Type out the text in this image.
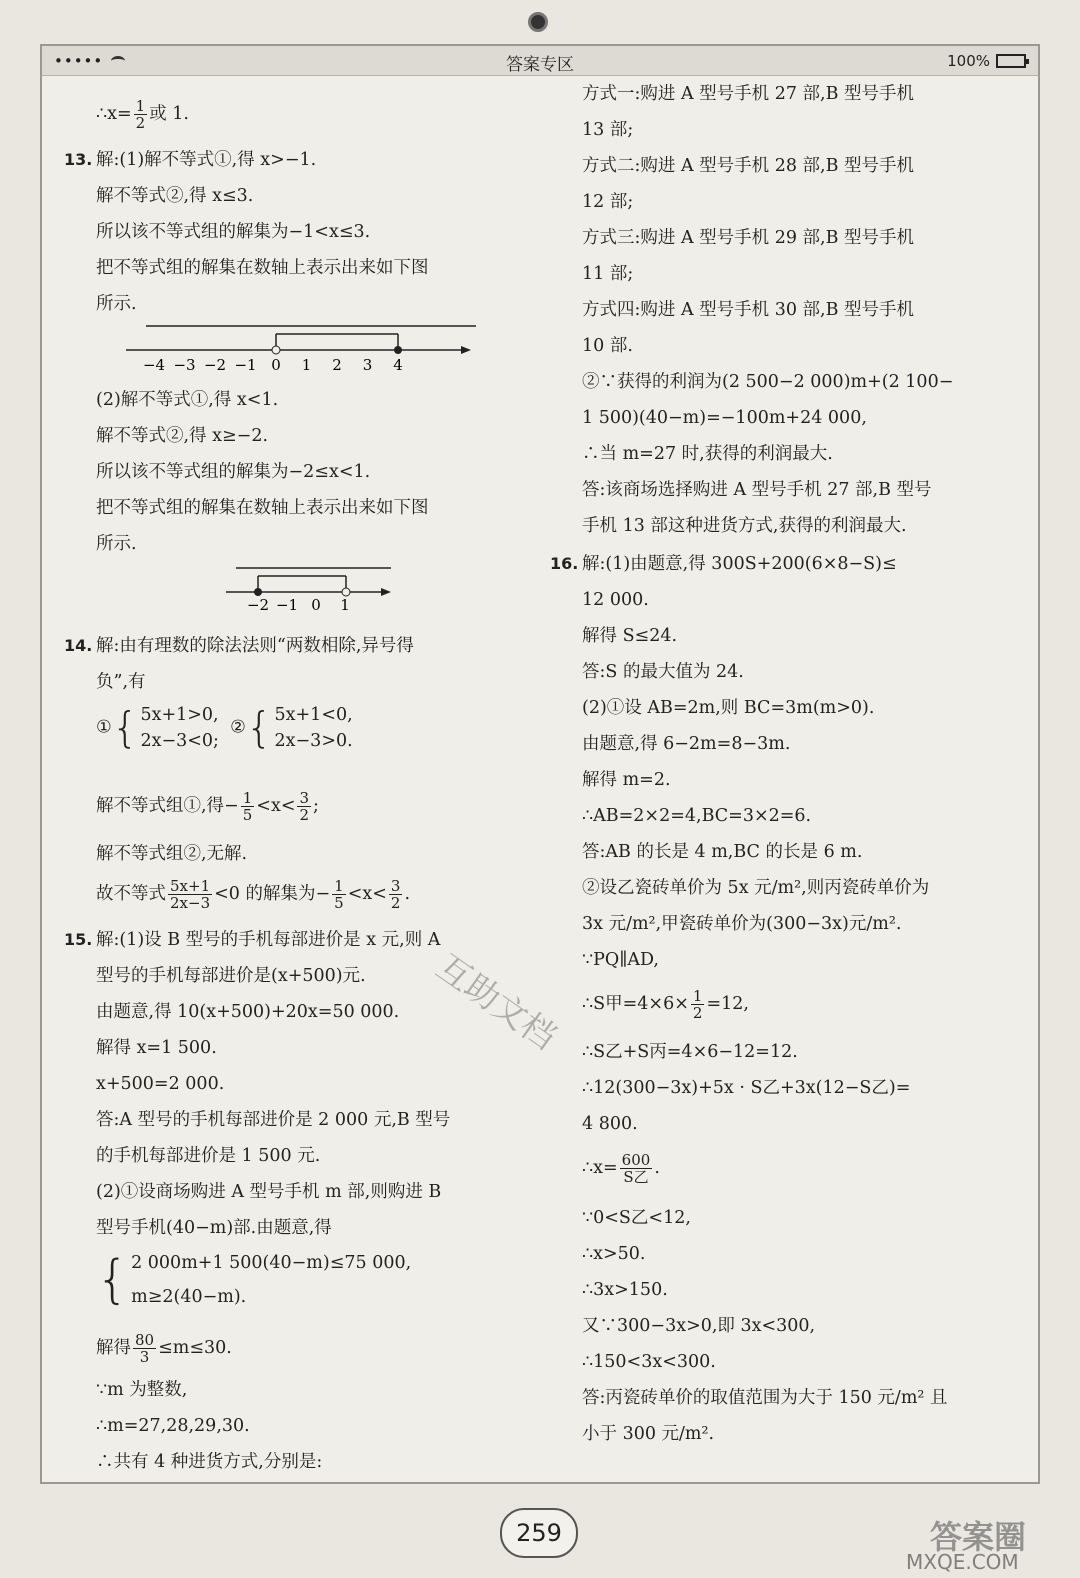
•••••	答案专区	100%
∴x= $\frac{1}{2}$ 或 1.
13. 解:(1)解不等式①,得 x>−1.
解不等式②,得 x≤3.
所以该不等式组的解集为−1<x≤3.
把不等式组的解集在数轴上表示出来如下图
所示.
−4 −3 −2 −1 0 1 2 3 4
(2)解不等式①,得 x<1.
解不等式②,得 x≥−2.
所以该不等式组的解集为−2≤x<1.
把不等式组的解集在数轴上表示出来如下图
所示.
−2 −1 0 1
14. 解:由有理数的除法法则“两数相除,异号得
负”,有
① { 5x+1>0,
2x−3<0;
② { 5x+1<0,
2x−3>0.
解不等式组①,得− $\frac{1}{5} <x< \frac{3}{2}$ ;
解不等式组②,无解.
故不等式 $\frac{5x+1}{2x-3} <0$ 的解集为− $\frac{1}{5} <x< \frac{3}{2}$ .
15. 解:(1)设 B 型号的手机每部进价是 x 元,则 A
型号的手机每部进价是(x+500)元.
由题意,得 10(x+500)+20x=50 000.
解得 x=1 500.
x+500=2 000.
答:A 型号的手机每部进价是 2 000 元,B 型号
的手机每部进价是 1 500 元.
(2)①设商场购进 A 型号手机 m 部,则购进 B
型号手机(40−m)部.由题意,得
{ 2 000m+1 500(40−m)≤75 000,
m≥2(40−m).
解得 $\frac{80}{3} \le m\le 30$.
∵m 为整数,
∴m=27,28,29,30.
∴共有 4 种进货方式,分别是:
方式一:购进 A 型号手机 27 部,B 型号手机
13 部;
方式二:购进 A 型号手机 28 部,B 型号手机
12 部;
方式三:购进 A 型号手机 29 部,B 型号手机
11 部;
方式四:购进 A 型号手机 30 部,B 型号手机
10 部.
②∵获得的利润为(2 500−2 000)m+(2 100−
1 500)(40−m)=−100m+24 000,
∴当 m=27 时,获得的利润最大.
答:该商场选择购进 A 型号手机 27 部,B 型号
手机 13 部这种进货方式,获得的利润最大.
16. 解:(1)由题意,得 300S+200(6×8−S)≤
12 000.
解得 S≤24.
答:S 的最大值为 24.
(2)①设 AB=2m,则 BC=3m(m>0).
由题意,得 6−2m=8−3m.
解得 m=2.
∴AB=2×2=4,BC=3×2=6.
答:AB 的长是 4 m,BC 的长是 6 m.
②设乙瓷砖单价为 5x 元/m²,则丙瓷砖单价为
3x 元/m²,甲瓷砖单价为(300−3x)元/m².
∵PQ∥AD,
∴S甲$=4\times 6\times \frac{1}{2} =12$,
∴S乙+S丙=4×6−12=12.
∴12(300−3x)+5x · S乙+3x(12−S乙)=
4 800.
∴x= $\frac{600}{\text{S乙}}$ .
∵0<S乙<12,
∴x>50.
∴3x>150.
又∵300−3x>0,即 3x<300,
∴150<3x<300.
答:丙瓷砖单价的取值范围为大于 150 元/m² 且
小于 300 元/m².
互助文档
259	答案圈
MXQE.COM
